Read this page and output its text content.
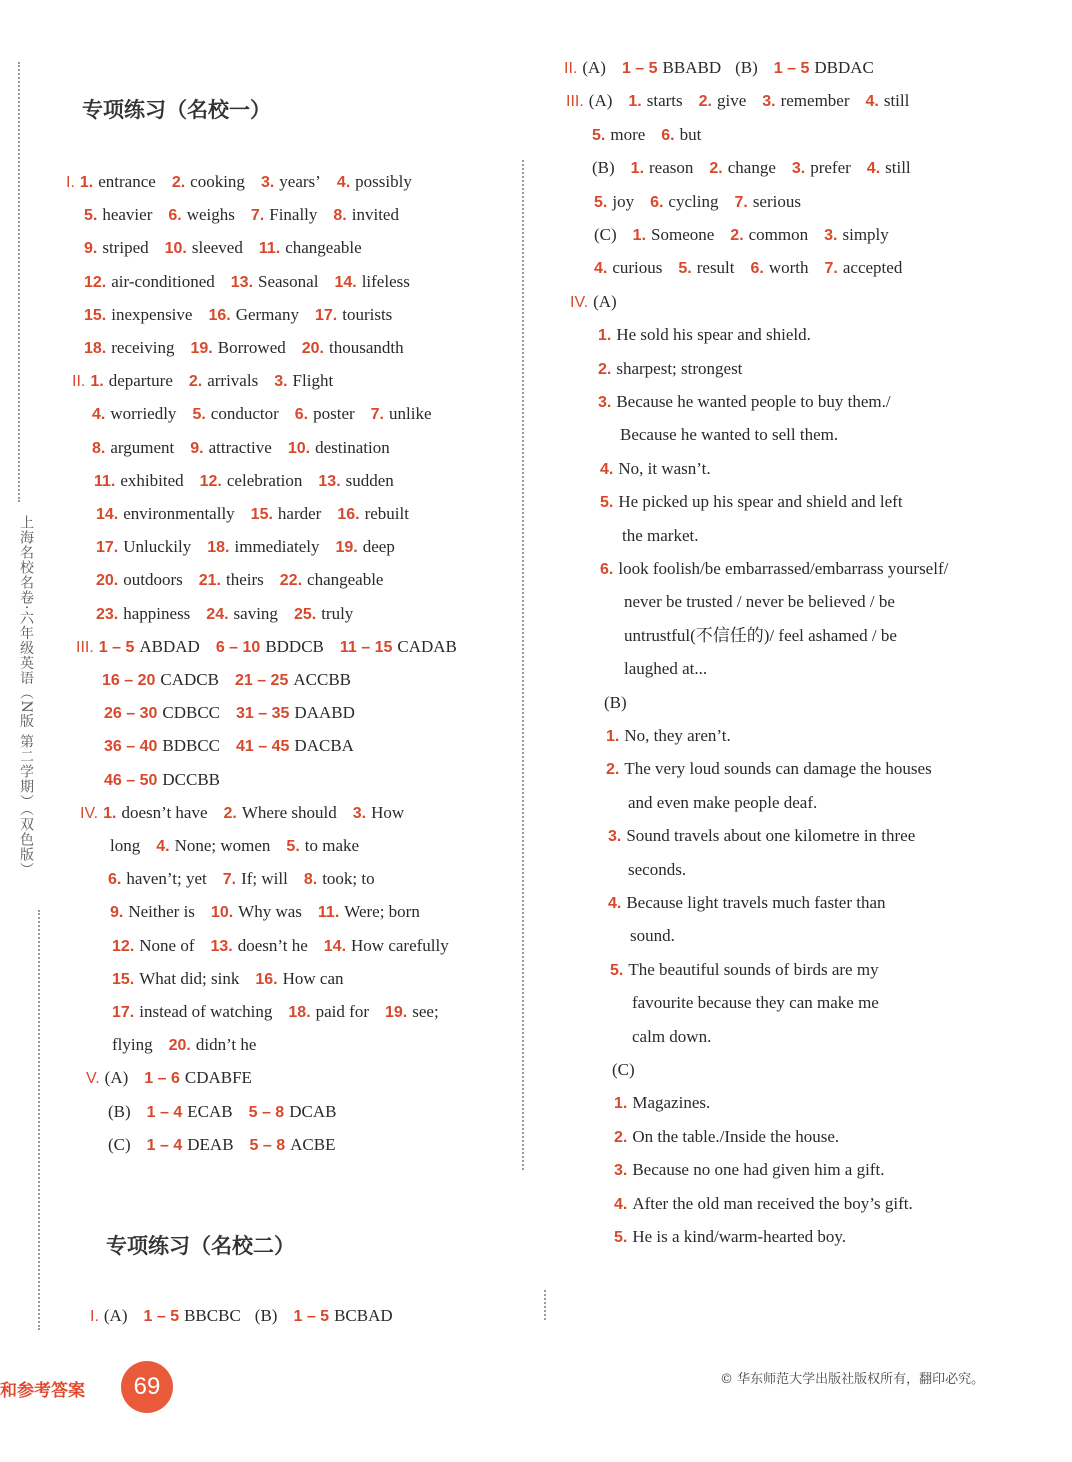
上海名校名卷·六年级英语（N版 第二学期）（双色版）
专项练习（名校一）
专项练习（名校二）
I. 1. entrance 2. cooking 3. years’ 4. possibly
5. heavier 6. weighs 7. Finally 8. invited
9. striped 10. sleeved 11. changeable
12. air-conditioned 13. Seasonal 14. lifeless
15. inexpensive 16. Germany 17. tourists
18. receiving 19. Borrowed 20. thousandth
II. 1. departure 2. arrivals 3. Flight
4. worriedly 5. conductor 6. poster 7. unlike
8. argument 9. attractive 10. destination
11. exhibited 12. celebration 13. sudden
14. environmentally 15. harder 16. rebuilt
17. Unluckily 18. immediately 19. deep
20. outdoors 21. theirs 22. changeable
23. happiness 24. saving 25. truly
III. 1 – 5 ABDAD 6 – 10 BDDCB 11 – 15 CADAB
16 – 20 CADCB 21 – 25 ACCBB
26 – 30 CDBCC 31 – 35 DAABD
36 – 40 BDBCC 41 – 45 DACBA
46 – 50 DCCBB
IV. 1. doesn’t have 2. Where should 3. How
long 4. None; women 5. to make
6. haven’t; yet 7. If; will 8. took; to
9. Neither is 10. Why was 11. Were; born
12. None of 13. doesn’t he 14. How carefully
15. What did; sink 16. How can
17. instead of watching 18. paid for 19. see;
flying 20. didn’t he
V. (A) 1 – 6 CDABFE
(B) 1 – 4 ECAB 5 – 8 DCAB
(C) 1 – 4 DEAB 5 – 8 ACBE
I. (A) 1 – 5 BBCBC (B) 1 – 5 BCBAD
II. (A) 1 – 5 BBABD (B) 1 – 5 DBDAC
III. (A) 1. starts 2. give 3. remember 4. still
5. more 6. but
(B) 1. reason 2. change 3. prefer 4. still
5. joy 6. cycling 7. serious
(C) 1. Someone 2. common 3. simply
4. curious 5. result 6. worth 7. accepted
IV. (A)
1. He sold his spear and shield.
2. sharpest; strongest
3. Because he wanted people to buy them./
Because he wanted to sell them.
4. No, it wasn’t.
5. He picked up his spear and shield and left
the market.
6. look foolish/be embarrassed/embarrass yourself/
never be trusted / never be believed / be
untrustful(不信任的)/ feel ashamed / be
laughed at...
(B)
1. No, they aren’t.
2. The very loud sounds can damage the houses
and even make people deaf.
3. Sound travels about one kilometre in three
seconds.
4. Because light travels much faster than
sound.
5. The beautiful sounds of birds are my
favourite because they can make me
calm down.
(C)
1. Magazines.
2. On the table./Inside the house.
3. Because no one had given him a gift.
4. After the old man received the boy’s gift.
5. He is a kind/warm-hearted boy.
和参考答案	69	© 华东师范大学出版社版权所有，翻印必究。
